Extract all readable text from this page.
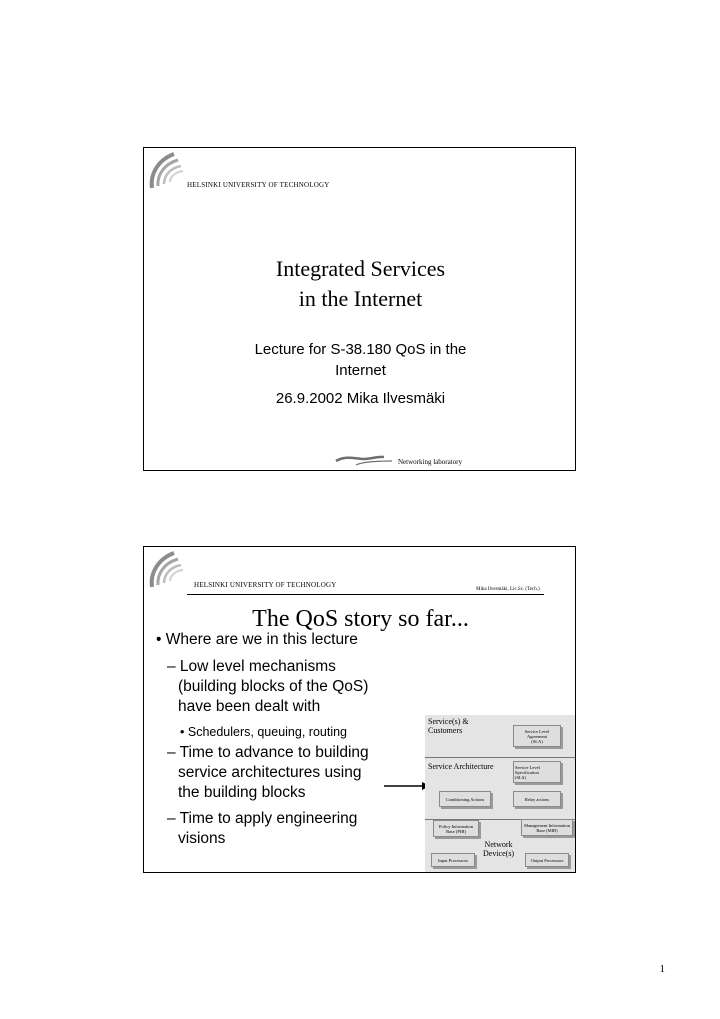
HELSINKI UNIVERSITY OF TECHNOLOGY
Integrated Services
in the Internet
Lecture for S-38.180 QoS in the
Internet
26.9.2002 Mika Ilvesmäki
Networking laboratory
HELSINKI UNIVERSITY OF TECHNOLOGY
Mika Ilvesmäki, Lic.Sc. (Tech.)
The QoS story so far...
• Where are we in this lecture
– Low level mechanisms
(building blocks of the QoS)
have been dealt with
• Schedulers, queuing, routing
– Time to advance to building
service architectures using
the building blocks
– Time to apply engineering
visions
Service(s) &
Customers	Service Level
Agreement
(SLA)
Service Architecture	Service Level
Specification
(SLS)
Conditioning Actions	Relay actions
Policy Information
Base (PIB)
Management Information
Base (MIB)
Network
Device(s)
Input Processors	Output Processors
1
